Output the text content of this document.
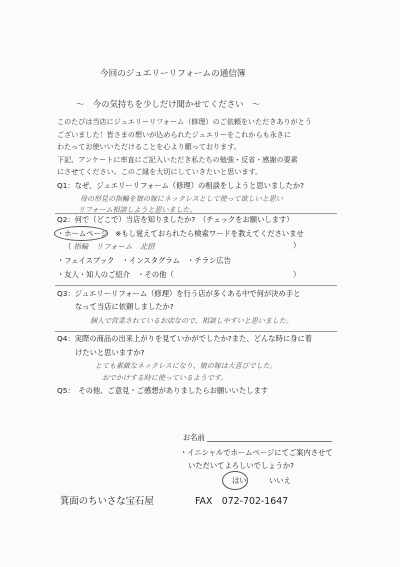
今回のジュエリーリフォームの通信簿
〜　今の気持ちを少しだけ聞かせてください　〜
このたびは当店にジュエリーリフォーム（修理）のご依頼をいただきありがとう
ございました！皆さまの想いが込められたジュエリーをこれからも永きに
わたってお使いいただけることを心より願っております。
下記、アンケートに率直にご記入いただき私たちの勉強・反省・感謝の要素
にさせてください。このご縁を大切にしていきたいと思います。
Q1：なぜ、ジュエリーリフォーム（修理）の相談をしようと思いましたか?
母の形見の指輪を娘の嫁にネックレスとして使って欲しいと思い
リフォーム相談しようと思いました。
Q2：何で（どこで）当店を知りましたか?　（チェックをお願いします）
・ホームページ　※もし覚えておられたら検索ワードを教えてくださいませ
（ 指輪　リフォーム　北摂	）
・フェイスブック　・インスタグラム　・チラシ広告
・友人・知人のご紹介　・その他（	）
Q3：ジュエリーリフォーム（修理）を行う店が多くある中で何が決め手と
なって当店に依頼しましたか?
個人で営業されているお店なので、相談しやすいと思いました。
Q4：実際の商品の出来上がりを見ていかがでしたか?また、どんな時に身に着
けたいと思いますか?
とても素敵なネックレスになり、娘の嫁は大喜びでした。
おでかけする時に使っているようです。
Q5：　その他、ご意見・ご感想がありましたらお願いいたします
お名前
・イニシャルでホームページにてご案内させて
いただいてよろしいでしょうか?
はい	いいえ
箕面のちいさな宝石屋	FAX　072-702-1647
